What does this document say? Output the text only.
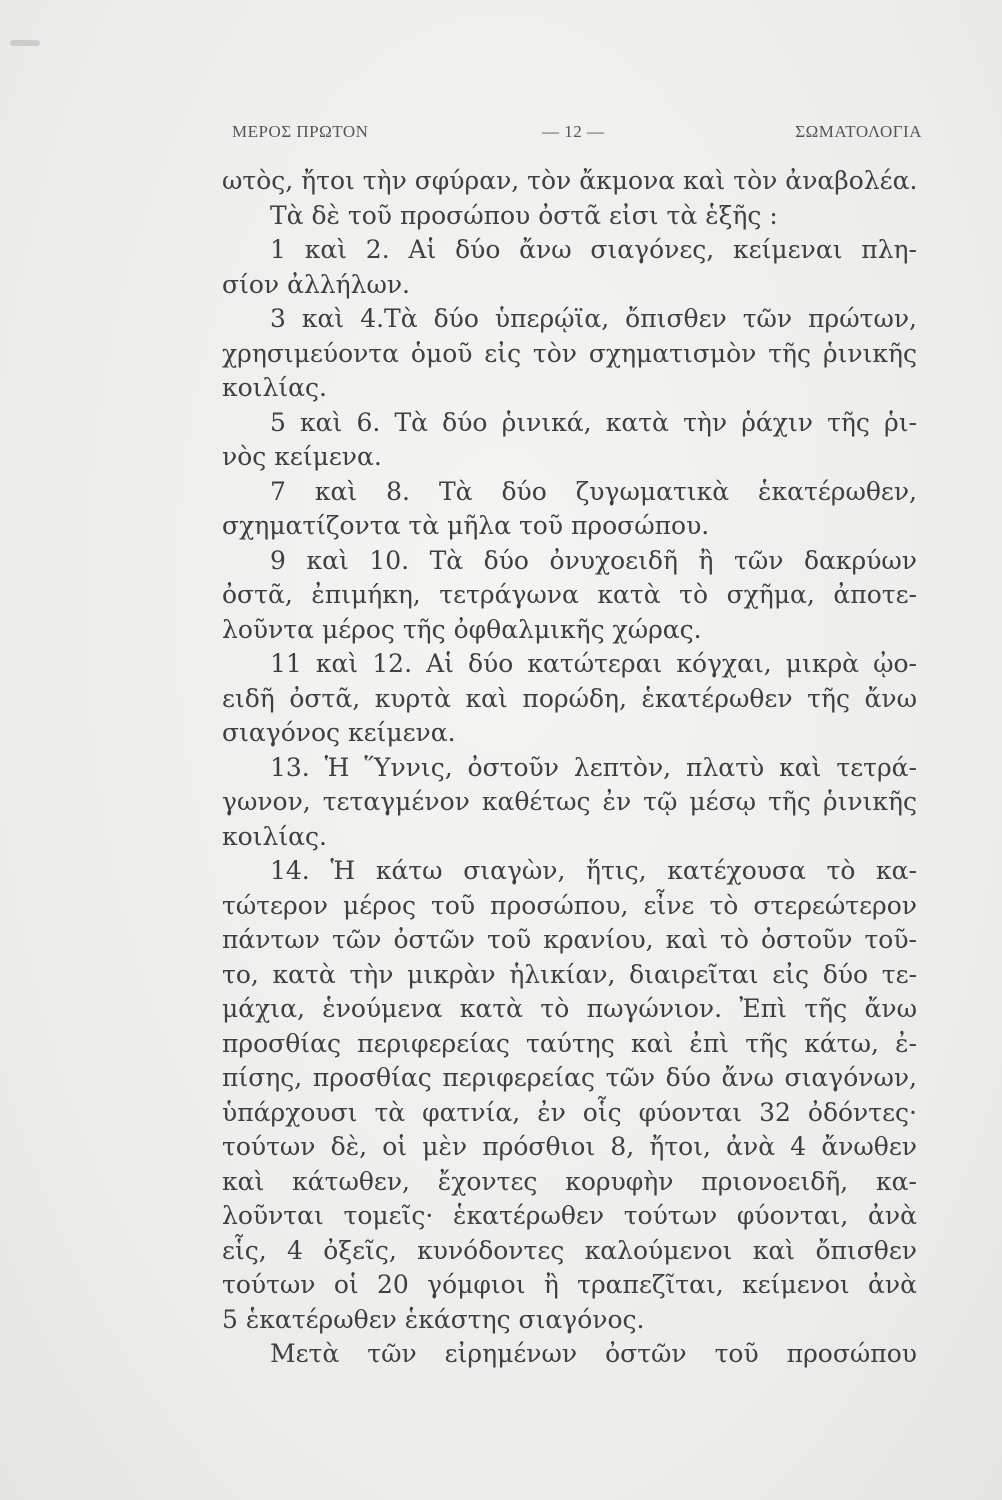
ΜΕΡΟΣ ΠΡΩΤΟΝ	— 12 —	ΣΩΜΑΤΟΛΟΓΙΑ
ωτὸς, ἤτοι τὴν σφύραν, τὸν ἄκμονα καὶ τὸν ἀναβολέα.
Τὰ δὲ τοῦ προσώπου ὀστᾶ εἰσι τὰ ἑξῆς :
1 καὶ 2. Αἱ δύο ἄνω σιαγόνες, κείμεναι πλη-
σίον ἀλλήλων.
3 καὶ 4.Τὰ δύο ὑπερῴϊα, ὄπισθεν τῶν πρώτων,
χρησιμεύοντα ὁμοῦ εἰς τὸν σχηματισμὸν τῆς ῥινικῆς
κοιλίας.
5 καὶ 6. Τὰ δύο ῥινικά, κατὰ τὴν ῥάχιν τῆς ῥι-
νὸς κείμενα.
7 καὶ 8. Τὰ δύο ζυγωματικὰ ἑκατέρωθεν,
σχηματίζοντα τὰ μῆλα τοῦ προσώπου.
9 καὶ 10. Τὰ δύο ὀνυχοειδῆ ἢ τῶν δακρύων
ὀστᾶ, ἐπιμήκη, τετράγωνα κατὰ τὸ σχῆμα, ἀποτε-
λοῦντα μέρος τῆς ὀφθαλμικῆς χώρας.
11 καὶ 12. Αἱ δύο κατώτεραι κόγχαι, μικρὰ ᾠο-
ειδῆ ὀστᾶ, κυρτὰ καὶ πορώδη, ἑκατέρωθεν τῆς ἄνω
σιαγόνος κείμενα.
13. Ἡ Ὕννις, ὀστοῦν λεπτὸν, πλατὺ καὶ τετρά-
γωνον, τεταγμένον καθέτως ἐν τῷ μέσῳ τῆς ῥινικῆς
κοιλίας.
14. Ἡ κάτω σιαγὼν, ἥτις, κατέχουσα τὸ κα-
τώτερον μέρος τοῦ προσώπου, εἶνε τὸ στερεώτερον
πάντων τῶν ὀστῶν τοῦ κρανίου, καὶ τὸ ὀστοῦν τοῦ-
το, κατὰ τὴν μικρὰν ἡλικίαν, διαιρεῖται εἰς δύο τε-
μάχια, ἑνούμενα κατὰ τὸ πωγώνιον. Ἐπὶ τῆς ἄνω
προσθίας περιφερείας ταύτης καὶ ἐπὶ τῆς κάτω, ἐ-
πίσης, προσθίας περιφερείας τῶν δύο ἄνω σιαγόνων,
ὑπάρχουσι τὰ φατνία, ἐν οἷς φύονται 32 ὀδόντες·
τούτων δὲ, οἱ μὲν πρόσθιοι 8, ἤτοι, ἀνὰ 4 ἄνωθεν
καὶ κάτωθεν, ἔχοντες κορυφὴν πριονοειδῆ, κα-
λοῦνται τομεῖς· ἑκατέρωθεν τούτων φύονται, ἀνὰ
εἷς, 4 ὀξεῖς, κυνόδοντες καλούμενοι καὶ ὄπισθεν
τούτων οἱ 20 γόμφιοι ἢ τραπεζῖται, κείμενοι ἀνὰ
5 ἑκατέρωθεν ἑκάστης σιαγόνος.
Μετὰ τῶν εἰρημένων ὀστῶν τοῦ προσώπου
